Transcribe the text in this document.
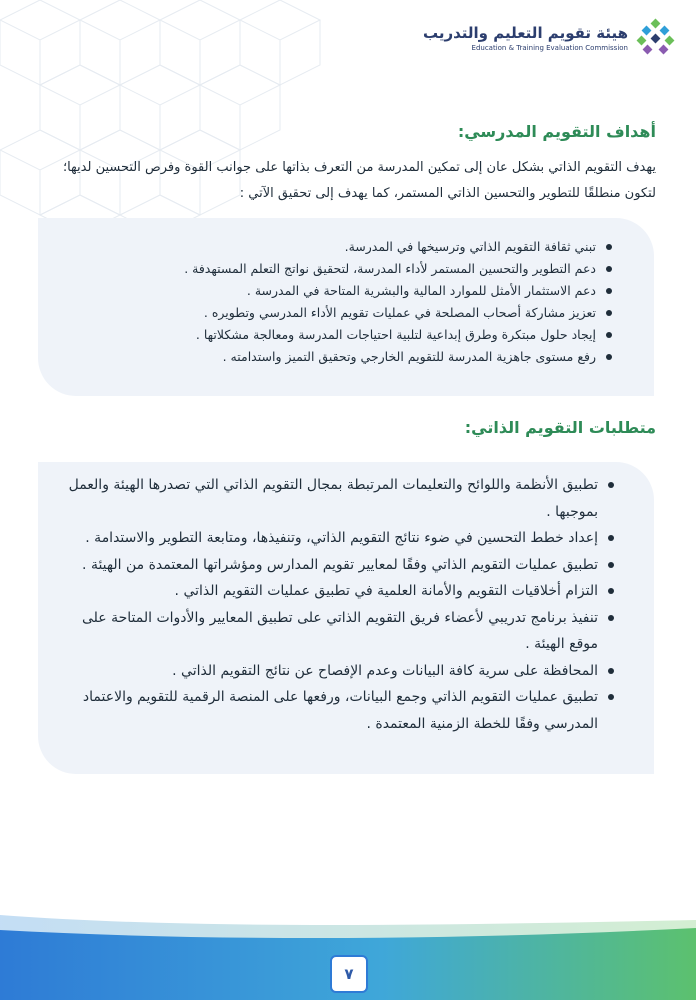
هيئة تقويم التعليم والتدريب
Education & Training Evaluation Commission
أهداف التقويم المدرسي:

يهدف التقويم الذاتي بشكل عان إلى تمكين المدرسة من التعرف بذاتها على جوانب القوة وفرص التحسين لديها؛ لتكون منطلقًا للتطوير والتحسين الذاتي المستمر، كما يهدف إلى تحقيق الآتي :

تبني ثقافة التقويم الذاتي وترسيخها في المدرسة.
دعم التطوير والتحسين المستمر لأداء المدرسة، لتحقيق نواتج التعلم المستهدفة .
دعم الاستثمار الأمثل للموارد المالية والبشرية المتاحة في المدرسة .
تعزيز مشاركة أصحاب المصلحة في عمليات تقويم الأداء المدرسي وتطويره .
إيجاد حلول مبتكرة وطرق إبداعية لتلبية احتياجات المدرسة ومعالجة مشكلاتها .
رفع مستوى جاهزية المدرسة للتقويم الخارجي وتحقيق التميز واستدامته .
متطلبات التقويم الذاتي:
تطبيق الأنظمة واللوائح والتعليمات المرتبطة بمجال التقويم الذاتي التي تصدرها الهيئة والعمل بموجبها .
إعداد خطط التحسين في ضوء نتائج التقويم الذاتي، وتنفيذها، ومتابعة التطوير والاستدامة .
تطبيق عمليات التقويم الذاتي وفقًا لمعايير تقويم المدارس ومؤشراتها المعتمدة من الهيئة .
التزام أخلاقيات التقويم والأمانة العلمية في تطبيق عمليات التقويم الذاتي .
تنفيذ برنامج تدريبي لأعضاء فريق التقويم الذاتي على تطبيق المعايير والأدوات المتاحة على موقع الهيئة .
المحافظة على سرية كافة البيانات وعدم الإفصاح عن نتائج التقويم الذاتي .
تطبيق عمليات التقويم الذاتي وجمع البيانات، ورفعها على المنصة الرقمية للتقويم والاعتماد المدرسي وفقًا للخطة الزمنية المعتمدة .
٧
